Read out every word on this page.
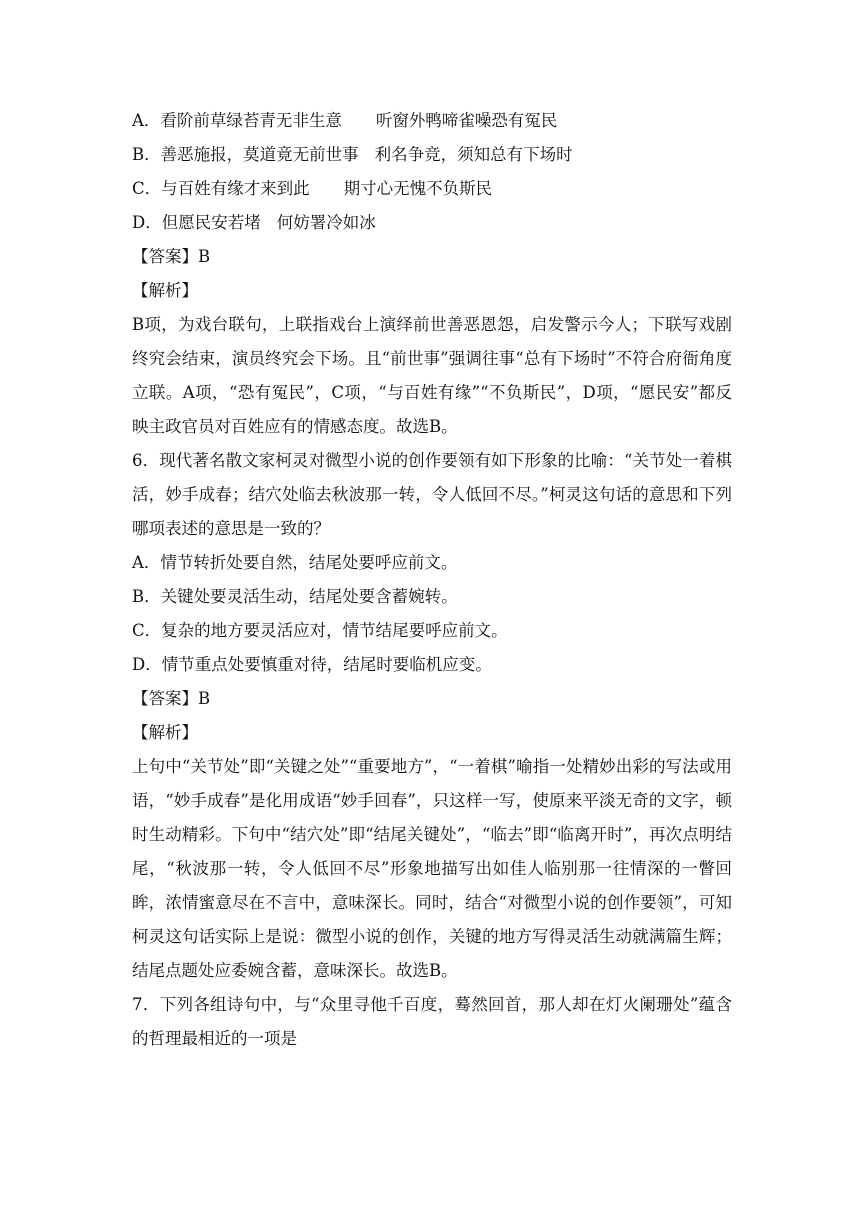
A．看阶前草绿苔青无非生意 听窗外鸭啼雀噪恐有冤民
B．善恶施报，莫道竟无前世事 利名争竞，须知总有下场时
C．与百姓有缘才来到此 期寸心无愧不负斯民
D．但愿民安若堵 何妨署冷如冰
【答案】B
【解析】
B项，为戏台联句，上联指戏台上演绎前世善恶恩怨，启发警示今人；下联写戏剧终究会结束，演员终究会下场。且“前世事”强调往事“总有下场时”不符合府衙角度立联。A项，“恐有冤民”，C项，“与百姓有缘”“不负斯民”，D项，“愿民安”都反映主政官员对百姓应有的情感态度。故选B。
6．现代著名散文家柯灵对微型小说的创作要领有如下形象的比喻：“关节处一着棋活，妙手成春；结穴处临去秋波那一转，令人低回不尽。”柯灵这句话的意思和下列哪项表述的意思是一致的？
A．情节转折处要自然，结尾处要呼应前文。
B．关键处要灵活生动，结尾处要含蓄婉转。
C．复杂的地方要灵活应对，情节结尾要呼应前文。
D．情节重点处要慎重对待，结尾时要临机应变。
【答案】B
【解析】
上句中“关节处”即“关键之处”“重要地方”，“一着棋”喻指一处精妙出彩的写法或用语，“妙手成春”是化用成语“妙手回春”，只这样一写，使原来平淡无奇的文字，顿时生动精彩。下句中“结穴处”即“结尾关键处”，“临去”即“临离开时”，再次点明结尾，“秋波那一转，令人低回不尽”形象地描写出如佳人临别那一往情深的一瞥回眸，浓情蜜意尽在不言中，意味深长。同时，结合“对微型小说的创作要领”，可知柯灵这句话实际上是说：微型小说的创作，关键的地方写得灵活生动就满篇生辉；结尾点题处应委婉含蓄，意味深长。故选B。
7．下列各组诗句中，与“众里寻他千百度，蓦然回首，那人却在灯火阑珊处”蕴含的哲理最相近的一项是
